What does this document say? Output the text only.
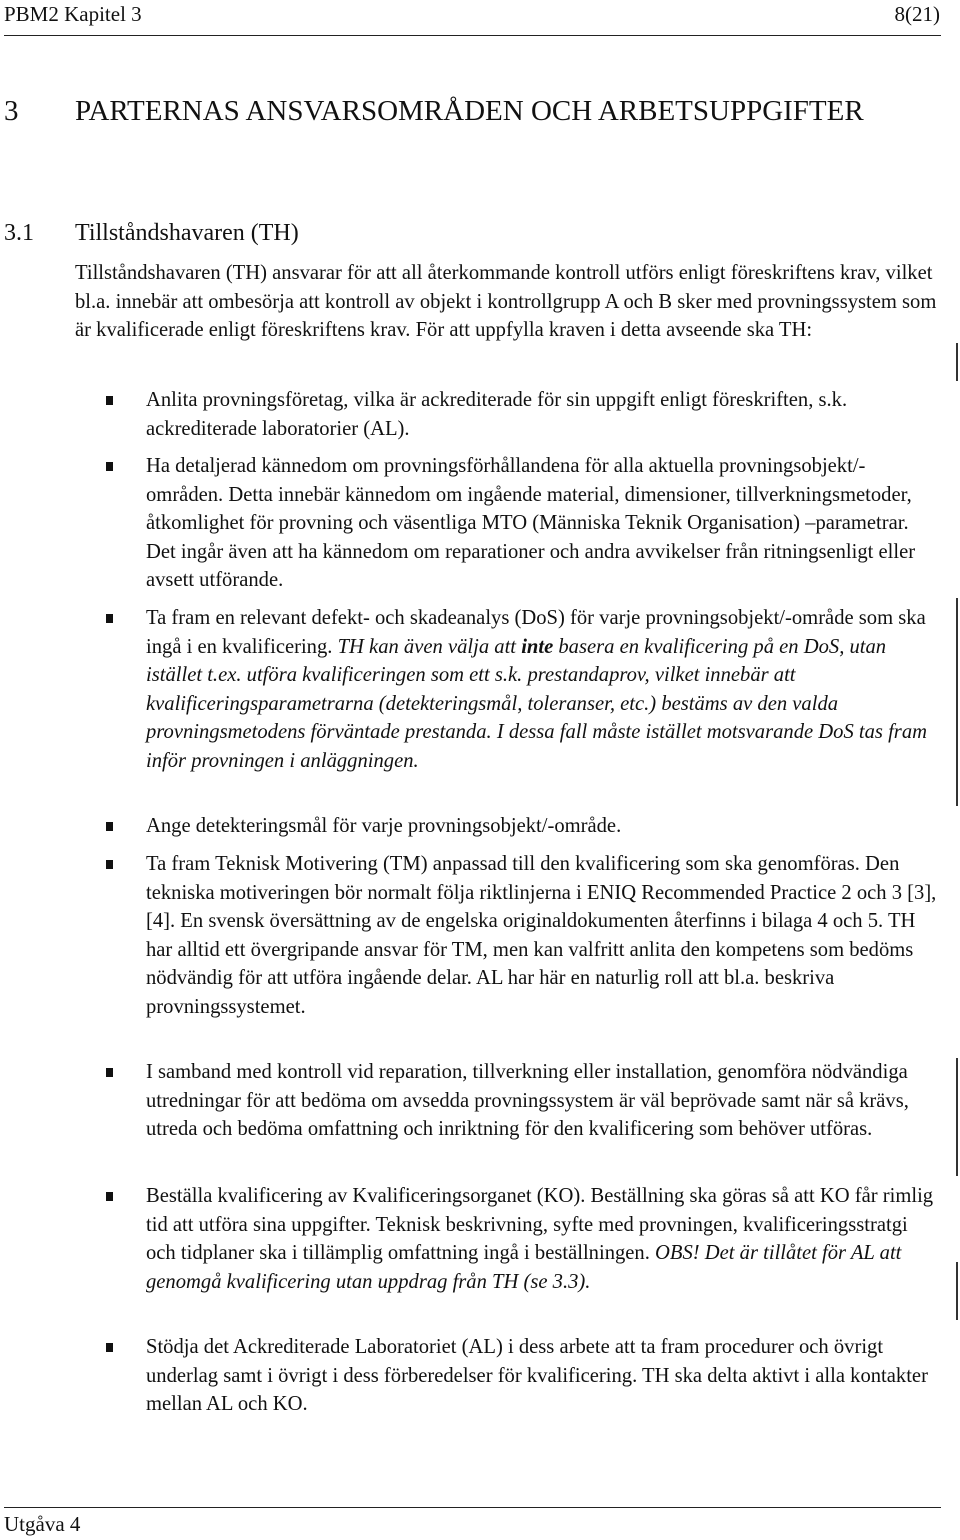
PBM2 Kapitel 3	8(21)
3 PARTERNAS ANSVARSOMRÅDEN OCH ARBETSUPPGIFTER
3.1 Tillståndshavaren (TH)
Tillståndshavaren (TH) ansvarar för att all återkommande kontroll utförs enligt föreskriftens krav, vilket bl.a. innebär att ombesörja att kontroll av objekt i kontrollgrupp A och B sker med provningssystem som är kvalificerade enligt föreskriftens krav. För att uppfylla kraven i detta avseende ska TH:
Anlita provningsföretag, vilka är ackrediterade för sin uppgift enligt föreskriften, s.k. ackrediterade laboratorier (AL).
Ha detaljerad kännedom om provningsförhållandena för alla aktuella provningsobjekt/-områden. Detta innebär kännedom om ingående material, dimensioner, tillverkningsmetoder, åtkomlighet för provning och väsentliga MTO (Människa Teknik Organisation) –parametrar. Det ingår även att ha kännedom om reparationer och andra avvikelser från ritningsenligt eller avsett utförande.
Ta fram en relevant defekt- och skadeanalys (DoS) för varje provningsobjekt/-område som ska ingå i en kvalificering. TH kan även välja att inte basera en kvalificering på en DoS, utan istället t.ex. utföra kvalificeringen som ett s.k. prestandaprov, vilket innebär att kvalificeringsparametrarna (detekteringsmål, toleranser, etc.) bestäms av den valda provningsmetodens förväntade prestanda. I dessa fall måste istället motsvarande DoS tas fram inför provningen i anläggningen.
Ange detekteringsmål för varje provningsobjekt/-område.
Ta fram Teknisk Motivering (TM) anpassad till den kvalificering som ska genomföras. Den tekniska motiveringen bör normalt följa riktlinjerna i ENIQ Recommended Practice 2 och 3 [3], [4]. En svensk översättning av de engelska originaldokumenten återfinns i bilaga 4 och 5. TH har alltid ett övergripande ansvar för TM, men kan valfritt anlita den kompetens som bedöms nödvändig för att utföra ingående delar. AL har här en naturlig roll att bl.a. beskriva provningssystemet.
I samband med kontroll vid reparation, tillverkning eller installation, genomföra nödvändiga utredningar för att bedöma om avsedda provningssystem är väl beprövade samt när så krävs, utreda och bedöma omfattning och inriktning för den kvalificering som behöver utföras.
Beställa kvalificering av Kvalificeringsorganet (KO). Beställning ska göras så att KO får rimlig tid att utföra sina uppgifter. Teknisk beskrivning, syfte med provningen, kvalificeringsstratgi och tidplaner ska i tillämplig omfattning ingå i beställningen. OBS! Det är tillåtet för AL att genomgå kvalificering utan uppdrag från TH (se 3.3).
Stödja det Ackrediterade Laboratoriet (AL) i dess arbete att ta fram procedurer och övrigt underlag samt i övrigt i dess förberedelser för kvalificering. TH ska delta aktivt i alla kontakter mellan AL och KO.
Utgåva 4
